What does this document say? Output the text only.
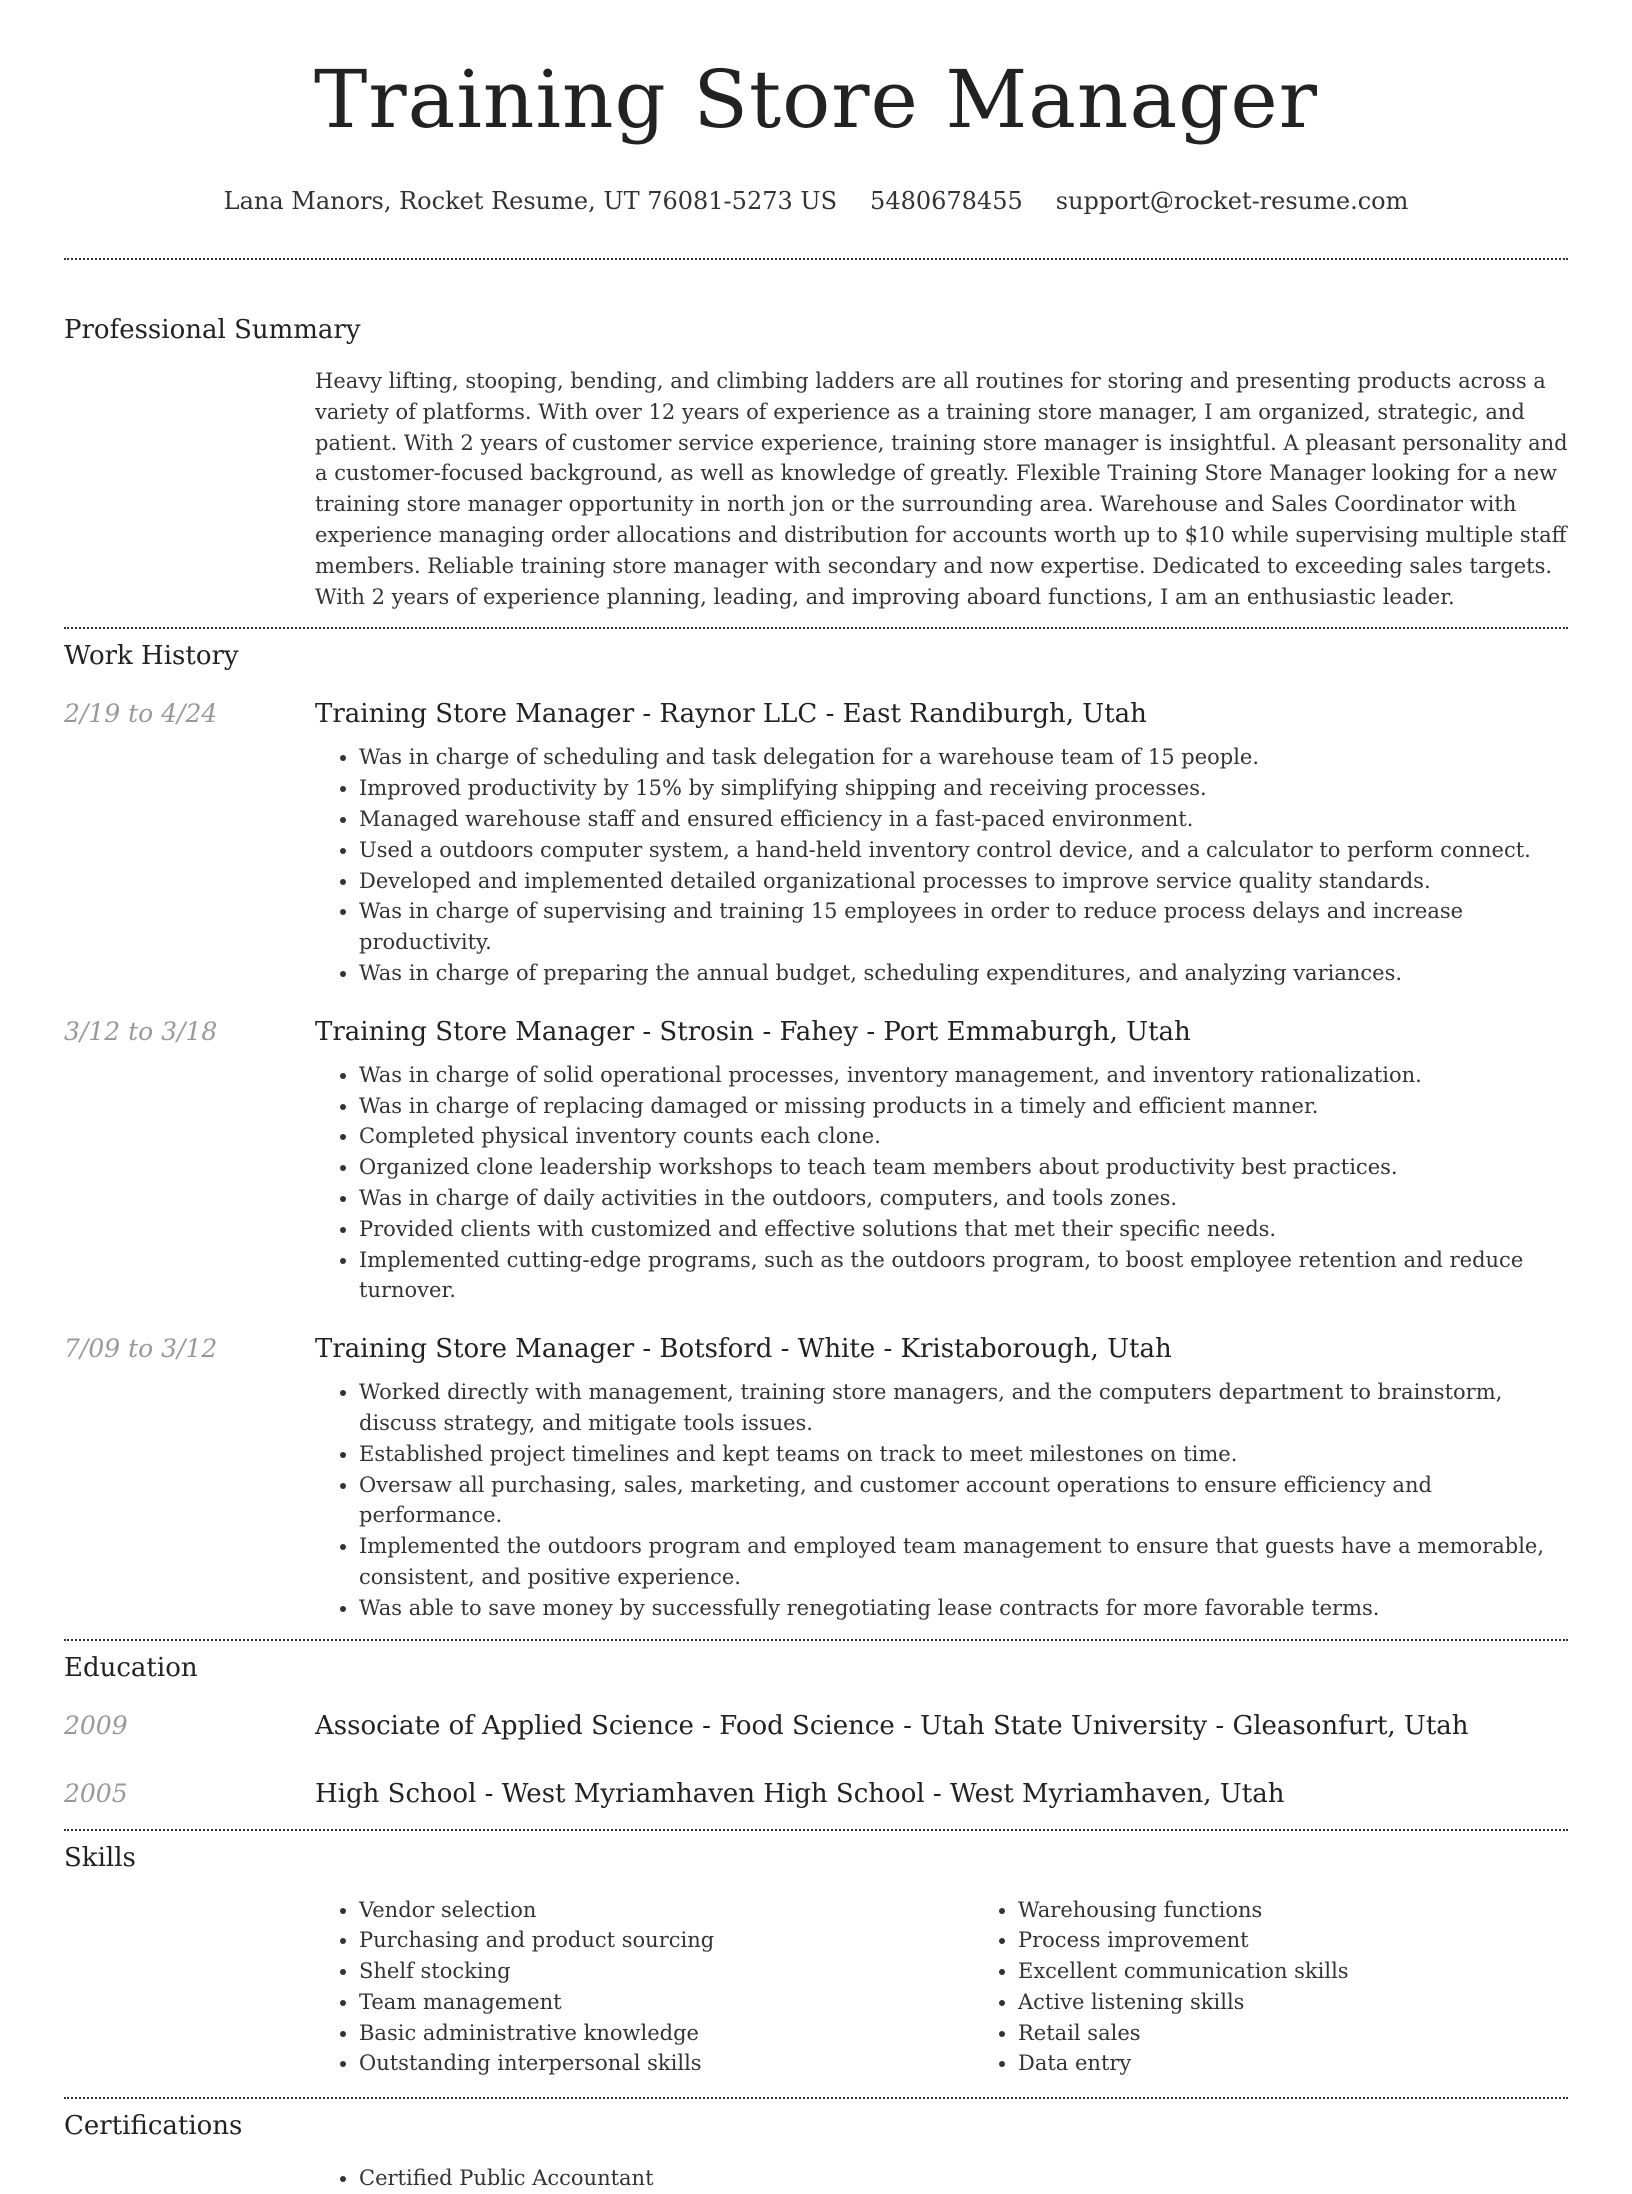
Training Store Manager
Lana Manors, Rocket Resume, UT 76081-5273 US 5480678455 support@rocket-resume.com
Professional Summary

Heavy lifting, stooping, bending, and climbing ladders are all routines for storing and presenting products across a variety of platforms. With over 12 years of experience as a training store manager, I am organized, strategic, and patient. With 2 years of customer service experience, training store manager is insightful. A pleasant personality and a customer-focused background, as well as knowledge of greatly. Flexible Training Store Manager looking for a new training store manager opportunity in north jon or the surrounding area. Warehouse and Sales Coordinator with experience managing order allocations and distribution for accounts worth up to $10 while supervising multiple staff members. Reliable training store manager with secondary and now expertise. Dedicated to exceeding sales targets. With 2 years of experience planning, leading, and improving aboard functions, I am an enthusiastic leader.

Work History
2/19 to 4/24	Training Store Manager - Raynor LLC - East Randiburgh, Utah
• Was in charge of scheduling and task delegation for a warehouse team of 15 people.
• Improved productivity by 15% by simplifying shipping and receiving processes.
• Managed warehouse staff and ensured efficiency in a fast-paced environment.
• Used a outdoors computer system, a hand-held inventory control device, and a calculator to perform connect.
• Developed and implemented detailed organizational processes to improve service quality standards.
• Was in charge of supervising and training 15 employees in order to reduce process delays and increase productivity.
• Was in charge of preparing the annual budget, scheduling expenditures, and analyzing variances.
3/12 to 3/18	Training Store Manager - Strosin - Fahey - Port Emmaburgh, Utah
• Was in charge of solid operational processes, inventory management, and inventory rationalization.
• Was in charge of replacing damaged or missing products in a timely and efficient manner.
• Completed physical inventory counts each clone.
• Organized clone leadership workshops to teach team members about productivity best practices.
• Was in charge of daily activities in the outdoors, computers, and tools zones.
• Provided clients with customized and effective solutions that met their specific needs.
• Implemented cutting-edge programs, such as the outdoors program, to boost employee retention and reduce turnover.
7/09 to 3/12	Training Store Manager - Botsford - White - Kristaborough, Utah
• Worked directly with management, training store managers, and the computers department to brainstorm, discuss strategy, and mitigate tools issues.
• Established project timelines and kept teams on track to meet milestones on time.
• Oversaw all purchasing, sales, marketing, and customer account operations to ensure efficiency and performance.
• Implemented the outdoors program and employed team management to ensure that guests have a memorable, consistent, and positive experience.
• Was able to save money by successfully renegotiating lease contracts for more favorable terms.
Education
2009	Associate of Applied Science - Food Science - Utah State University - Gleasonfurt, Utah
2005	High School - West Myriamhaven High School - West Myriamhaven, Utah
Skills
• Vendor selection
• Purchasing and product sourcing
• Shelf stocking
• Team management
• Basic administrative knowledge
• Outstanding interpersonal skills
• Warehousing functions
• Process improvement
• Excellent communication skills
• Active listening skills
• Retail sales
• Data entry
Certifications
• Certified Public Accountant
